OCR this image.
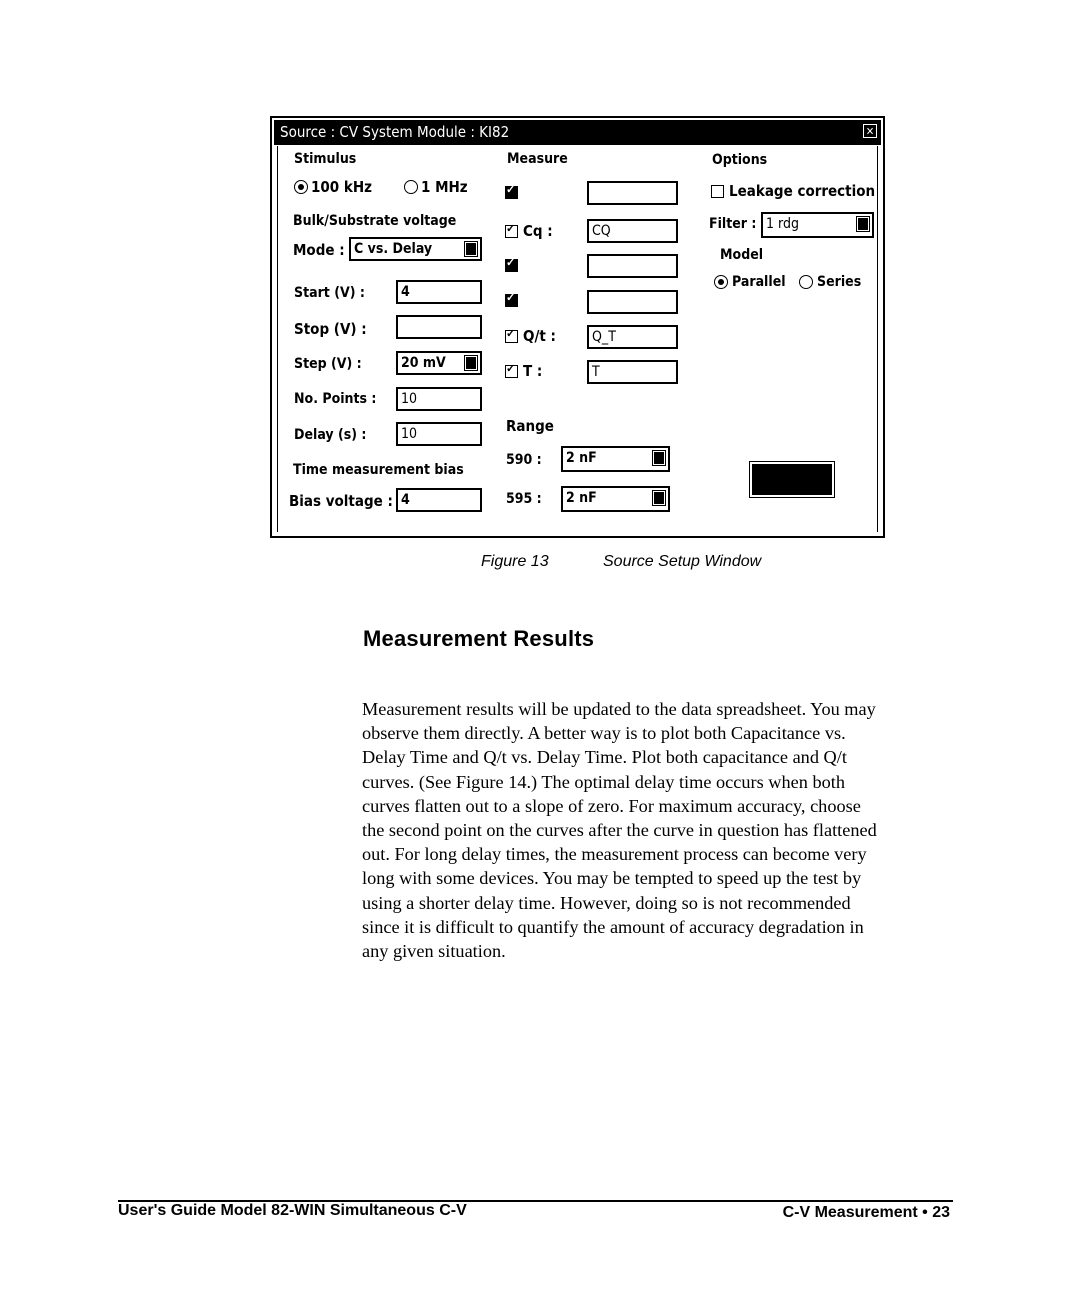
Source : CV System Module : KI82	✕
Stimulus
100 kHz	1 MHz
Bulk/Substrate voltage
Mode : C vs. Delay
Start (V) :	4
Stop (V) :
Step (V) :	20 mV
No. Points :	10
Delay (s) :	10
Time measurement bias
Bias voltage : 4
Measure
✓
✓
Cq :	CQ
✓
✓
✓
Q/t :	Q_T
✓
T :	T
Range
590 :	2 nF
595 :	2 nF
Options
Leakage correction
Filter : 1 rdg
Model
Parallel Series
Figure 13	Source Setup Window
Measurement Results
Measurement results will be updated to the data spreadsheet. You may observe them directly. A better way is to plot both Capacitance vs. Delay Time and Q/t vs. Delay Time. Plot both capacitance and Q/t curves. (See Figure 14.) The optimal delay time occurs when both curves flatten out to a slope of zero. For maximum accuracy, choose the second point on the curves after the curve in question has flattened out. For long delay times, the measurement process can become very long with some devices. You may be tempted to speed up the test by using a shorter delay time. However, doing so is not recommended since it is difficult to quantify the amount of accuracy degradation in any given situation.
User's Guide Model 82-WIN Simultaneous C-V	C-V Measurement • 23
